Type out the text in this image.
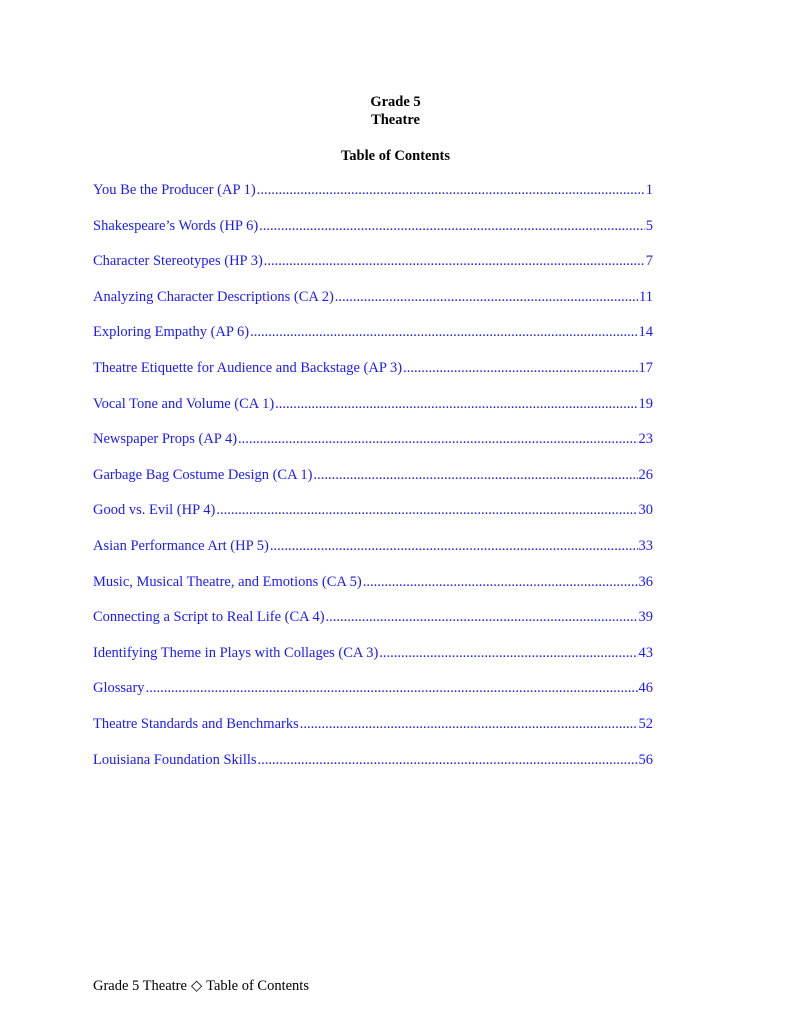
Grade 5
Theatre
Table of Contents
You Be the Producer (AP 1) .....	1
Shakespeare’s Words (HP 6) .....	5
Character Stereotypes (HP 3) .....	7
Analyzing Character Descriptions (CA 2) .....	11
Exploring Empathy (AP 6) .....	14
Theatre Etiquette for Audience and Backstage (AP 3) .....	17
Vocal Tone and Volume (CA 1) .....	19
Newspaper Props (AP 4) .....	23
Garbage Bag Costume Design (CA 1) .....	26
Good vs. Evil (HP 4) .....	30
Asian Performance Art (HP 5) .....	33
Music, Musical Theatre, and Emotions (CA 5) .....	36
Connecting a Script to Real Life (CA 4) .....	39
Identifying Theme in Plays with Collages (CA 3) .....	43
Glossary .....	46
Theatre Standards and Benchmarks .....	52
Louisiana Foundation Skills .....	56
Grade 5 Theatre ◇ Table of Contents
